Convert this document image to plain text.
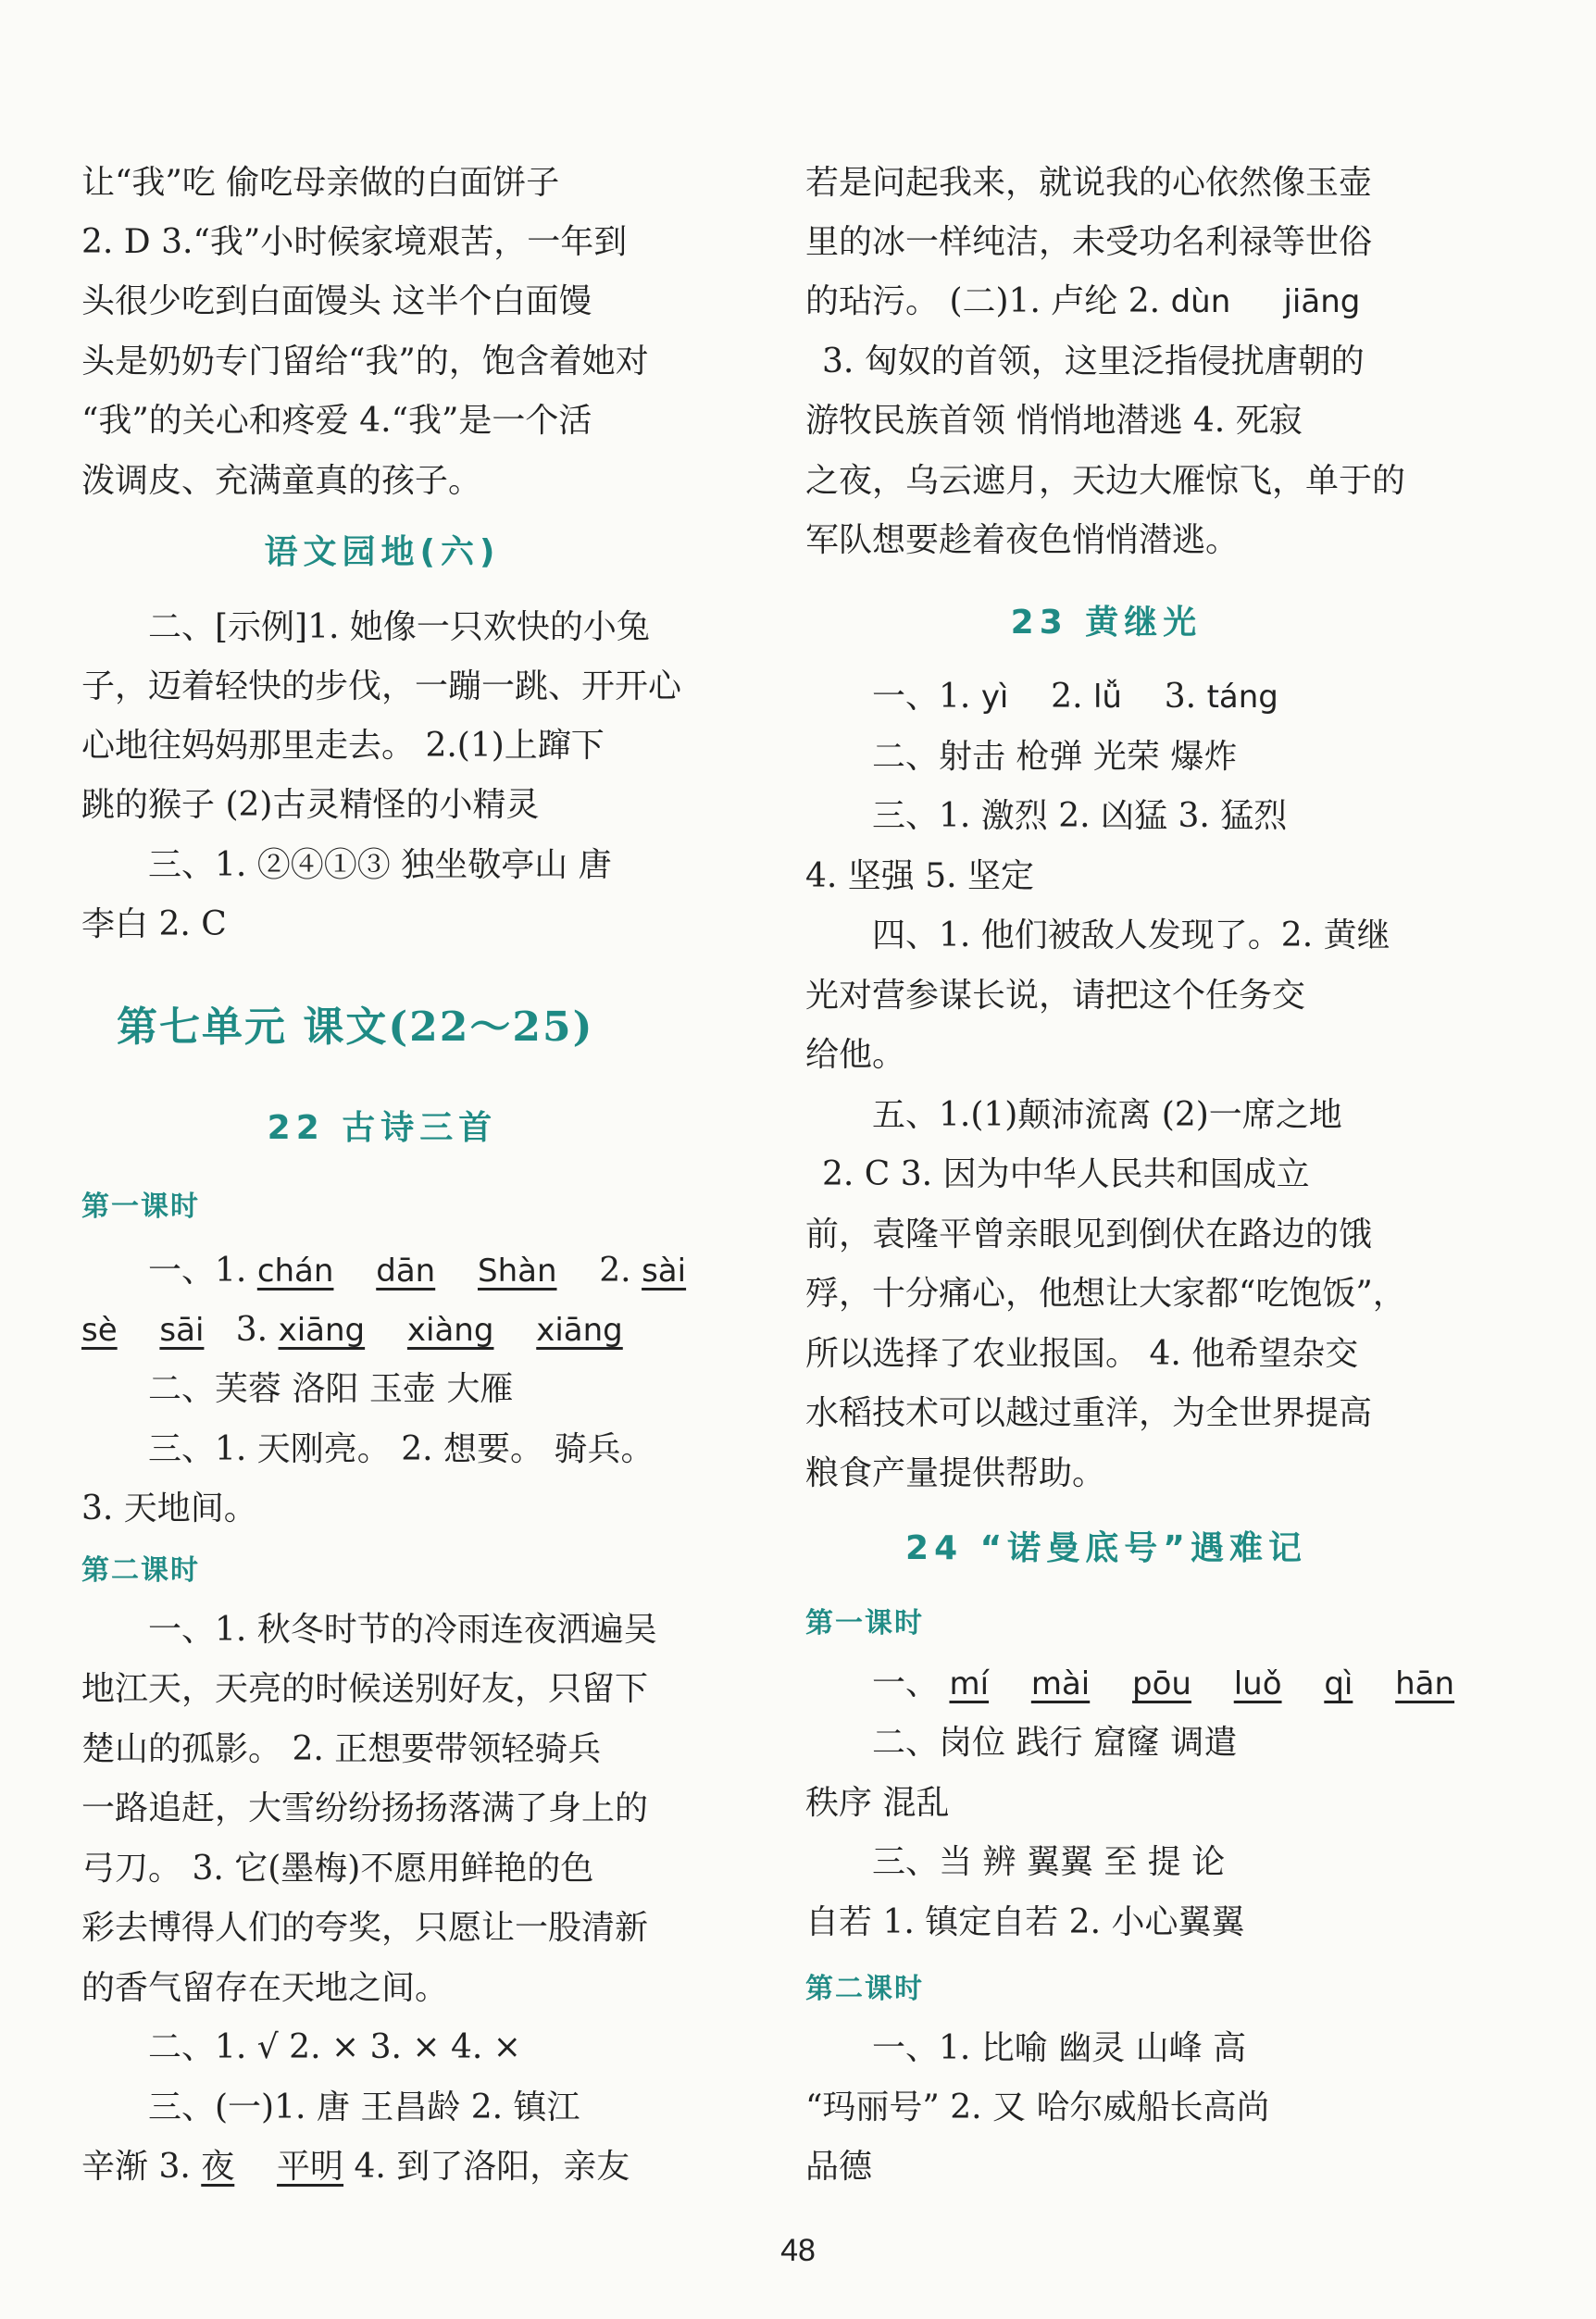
让“我”吃 偷吃母亲做的白面饼子
2. D 3.“我”小时候家境艰苦，一年到
头很少吃到白面馒头 这半个白面馒
头是奶奶专门留给“我”的，饱含着她对
“我”的关心和疼爱 4.“我”是一个活
泼调皮、充满童真的孩子。
语文园地(六)
二、[示例]1. 她像一只欢快的小兔
子，迈着轻快的步伐，一蹦一跳、开开心
心地往妈妈那里走去。 2.(1)上蹿下
跳的猴子 (2)古灵精怪的小精灵
三、1. ②④①③ 独坐敬亭山 唐
李白 2. C
第七单元 课文(22～25)
22 古诗三首
第一课时
一、1. chán dān Shàn 2. sài
sè sāi 3. xiāng xiàng xiāng
二、芙蓉 洛阳 玉壶 大雁
三、1. 天刚亮。 2. 想要。 骑兵。
3. 天地间。
第二课时
一、1. 秋冬时节的冷雨连夜洒遍吴
地江天，天亮的时候送别好友，只留下
楚山的孤影。 2. 正想要带领轻骑兵
一路追赶，大雪纷纷扬扬落满了身上的
弓刀。 3. 它(墨梅)不愿用鲜艳的色
彩去博得人们的夸奖，只愿让一股清新
的香气留存在天地之间。
二、1. √ 2. × 3. × 4. ×
三、(一)1. 唐 王昌龄 2. 镇江
辛渐 3. 夜 平明 4. 到了洛阳，亲友
若是问起我来，就说我的心依然像玉壶
里的冰一样纯洁，未受功名利禄等世俗
的玷污。 (二)1. 卢纶 2. dùn jiāng
3. 匈奴的首领，这里泛指侵扰唐朝的
游牧民族首领 悄悄地潜逃 4. 死寂
之夜，乌云遮月，天边大雁惊飞，单于的
军队想要趁着夜色悄悄潜逃。
23 黄继光
一、1. yì 2. lǚ 3. táng
二、射击 枪弹 光荣 爆炸
三、1. 激烈 2. 凶猛 3. 猛烈
4. 坚强 5. 坚定
四、1. 他们被敌人发现了。2. 黄继
光对营参谋长说，请把这个任务交
给他。
五、1.(1)颠沛流离 (2)一席之地
2. C 3. 因为中华人民共和国成立
前，袁隆平曾亲眼见到倒伏在路边的饿
殍，十分痛心，他想让大家都“吃饱饭”，
所以选择了农业报国。 4. 他希望杂交
水稻技术可以越过重洋，为全世界提高
粮食产量提供帮助。
24 “诺曼底号”遇难记
第一课时
一、 mí mài pōu luǒ qì hān
二、岗位 践行 窟窿 调遣
秩序 混乱
三、当 辨 翼翼 至 提 论
自若 1. 镇定自若 2. 小心翼翼
第二课时
一、1. 比喻 幽灵 山峰 高
“玛丽号” 2. 又 哈尔威船长高尚
品德
48
